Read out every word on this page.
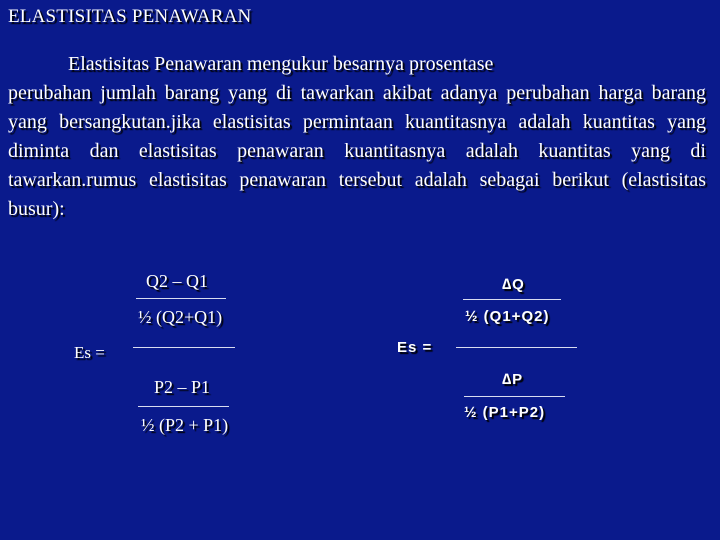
ELASTISITAS PENAWARAN
Elastisitas Penawaran mengukur besarnya prosentase
perubahan jumlah barang yang di tawarkan akibat adanya perubahan harga barang yang bersangkutan.jika elastisitas permintaan kuantitasnya adalah kuantitas yang diminta dan elastisitas penawaran kuantitasnya adalah kuantitas yang di tawarkan.rumus elastisitas penawaran tersebut adalah sebagai berikut (elastisitas busur):
Q2 – Q1
½ (Q2+Q1)
Es =
P2 – P1
½ (P2 + P1)
∆Q
½ (Q1+Q2)
Es =
∆P
½ (P1+P2)
